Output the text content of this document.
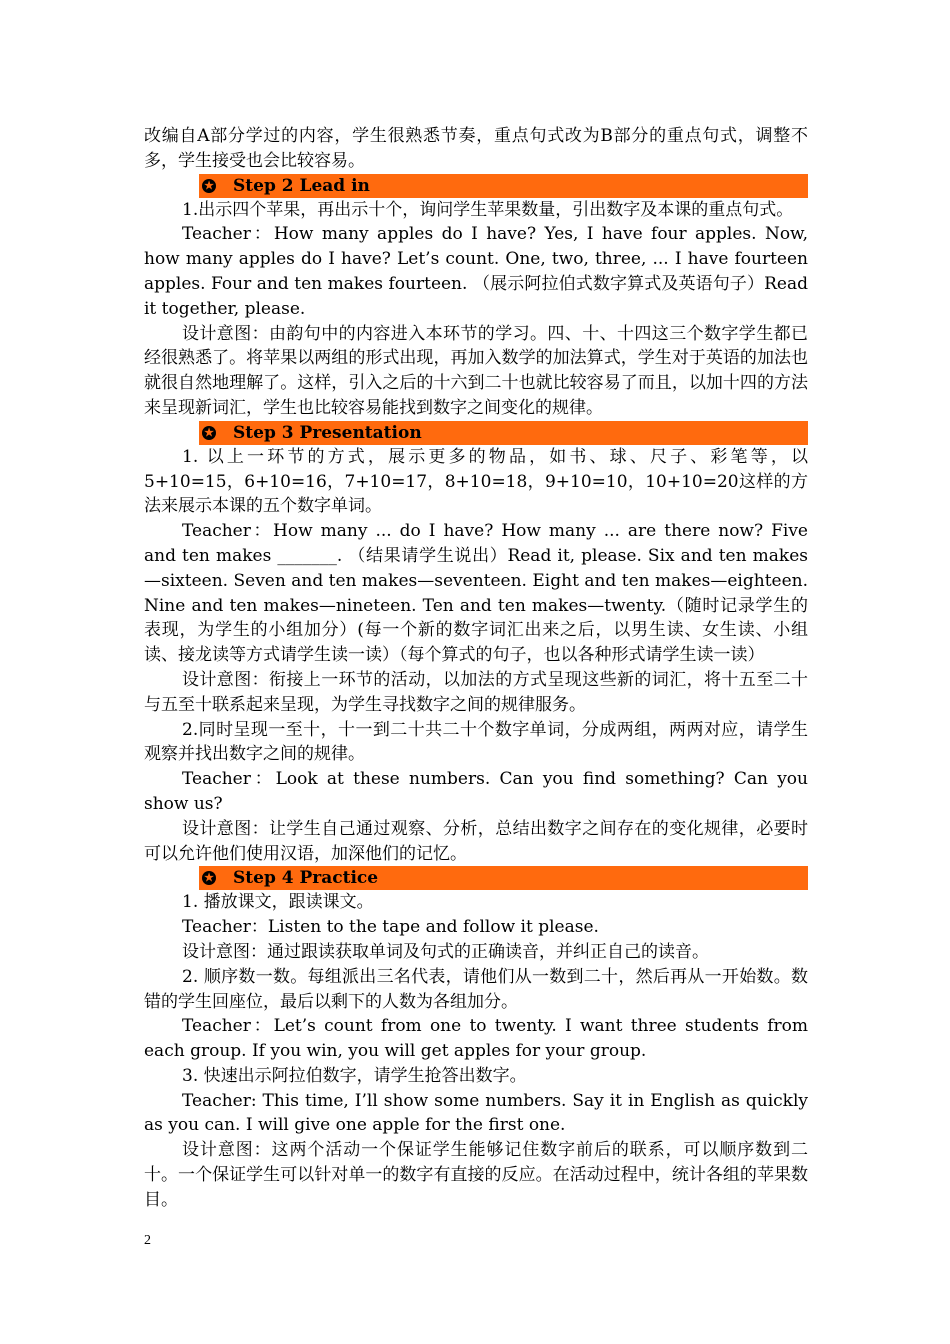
改编自A部分学过的内容，学生很熟悉节奏，重点句式改为B部分的重点句式，调整不多，学生接受也会比较容易。

★ Step 2 Lead in

1.出示四个苹果，再出示十个，询问学生苹果数量，引出数字及本课的重点句式。

Teacher：How many apples do I have? Yes, I have four apples. Now, how many apples do I have? Let’s count. One, two, three, ... I have fourteen apples. Four and ten makes fourteen. （展示阿拉伯式数字算式及英语句子）Read it together, please.

设计意图：由韵句中的内容进入本环节的学习。四、十、十四这三个数字学生都已经很熟悉了。将苹果以两组的形式出现，再加入数学的加法算式，学生对于英语的加法也就很自然地理解了。这样，引入之后的十六到二十也就比较容易了而且，以加十四的方法来呈现新词汇，学生也比较容易能找到数字之间变化的规律。

★ Step 3 Presentation

1. 以上一环节的方式，展示更多的物品，如书、球、尺子、彩笔等，以5+10=15，6+10=16，7+10=17，8+10=18，9+10=10，10+10=20这样的方法来展示本课的五个数字单词。

Teacher：How many ... do I have? How many ... are there now? Five and ten makes _______. （结果请学生说出）Read it, please. Six and ten makes—sixteen. Seven and ten makes—seventeen. Eight and ten makes—eighteen. Nine and ten makes—nineteen. Ten and ten makes—twenty.（随时记录学生的表现，为学生的小组加分）(每一个新的数字词汇出来之后，以男生读、女生读、小组读、接龙读等方式请学生读一读）（每个算式的句子，也以各种形式请学生读一读）

设计意图：衔接上一环节的活动，以加法的方式呈现这些新的词汇，将十五至二十与五至十联系起来呈现，为学生寻找数字之间的规律服务。

2.同时呈现一至十，十一到二十共二十个数字单词，分成两组，两两对应，请学生观察并找出数字之间的规律。

Teacher：Look at these numbers. Can you find something? Can you show us?

设计意图：让学生自己通过观察、分析，总结出数字之间存在的变化规律，必要时可以允许他们使用汉语，加深他们的记忆。

★ Step 4 Practice

1. 播放课文，跟读课文。

Teacher：Listen to the tape and follow it please.

设计意图：通过跟读获取单词及句式的正确读音，并纠正自己的读音。

2. 顺序数一数。每组派出三名代表，请他们从一数到二十，然后再从一开始数。数错的学生回座位，最后以剩下的人数为各组加分。

Teacher：Let’s count from one to twenty. I want three students from each group. If you win, you will get apples for your group.

3. 快速出示阿拉伯数字，请学生抢答出数字。

Teacher: This time, I’ll show some numbers. Say it in English as quickly as you can. I will give one apple for the first one.

设计意图：这两个活动一个保证学生能够记住数字前后的联系，可以顺序数到二十。一个保证学生可以针对单一的数字有直接的反应。在活动过程中，统计各组的苹果数目。

2
